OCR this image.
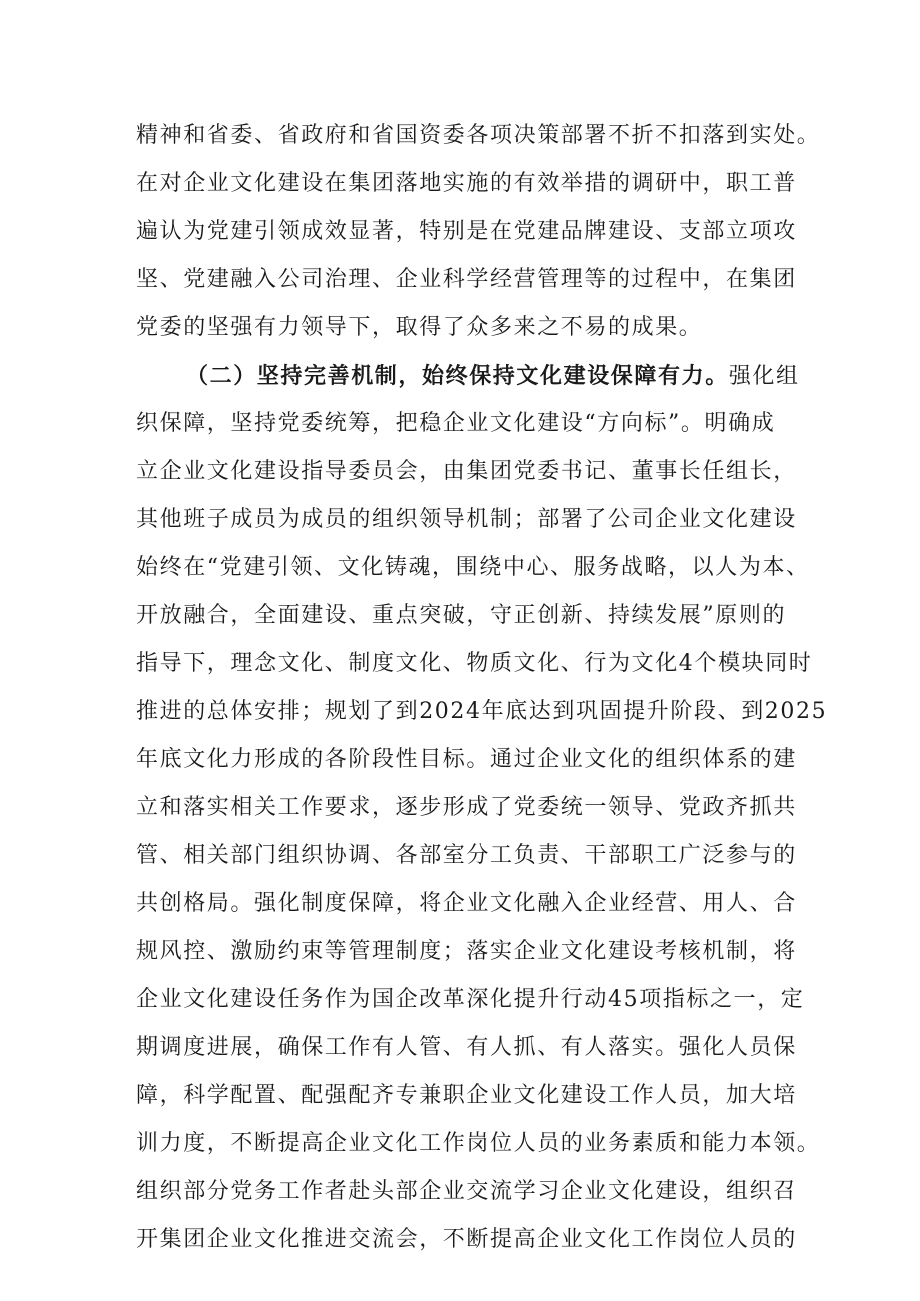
精神和省委、省政府和省国资委各项决策部署不折不扣落到实处。
在对企业文化建设在集团落地实施的有效举措的调研中，职工普
遍认为党建引领成效显著，特别是在党建品牌建设、支部立项攻
坚、党建融入公司治理、企业科学经营管理等的过程中，在集团
党委的坚强有力领导下，取得了众多来之不易的成果。
（二）坚持完善机制，始终保持文化建设保障有力。强化组
织保障，坚持党委统筹，把稳企业文化建设“方向标”。明确成
立企业文化建设指导委员会，由集团党委书记、董事长任组长，
其他班子成员为成员的组织领导机制；部署了公司企业文化建设
始终在“党建引领、文化铸魂，围绕中心、服务战略，以人为本、
开放融合，全面建设、重点突破，守正创新、持续发展”原则的
指导下，理念文化、制度文化、物质文化、行为文化4个模块同时
推进的总体安排；规划了到2024年底达到巩固提升阶段、到2025
年底文化力形成的各阶段性目标。通过企业文化的组织体系的建
立和落实相关工作要求，逐步形成了党委统一领导、党政齐抓共
管、相关部门组织协调、各部室分工负责、干部职工广泛参与的
共创格局。强化制度保障，将企业文化融入企业经营、用人、合
规风控、激励约束等管理制度；落实企业文化建设考核机制，将
企业文化建设任务作为国企改革深化提升行动45项指标之一，定
期调度进展，确保工作有人管、有人抓、有人落实。强化人员保
障，科学配置、配强配齐专兼职企业文化建设工作人员，加大培
训力度，不断提高企业文化工作岗位人员的业务素质和能力本领。
组织部分党务工作者赴头部企业交流学习企业文化建设，组织召
开集团企业文化推进交流会，不断提高企业文化工作岗位人员的
